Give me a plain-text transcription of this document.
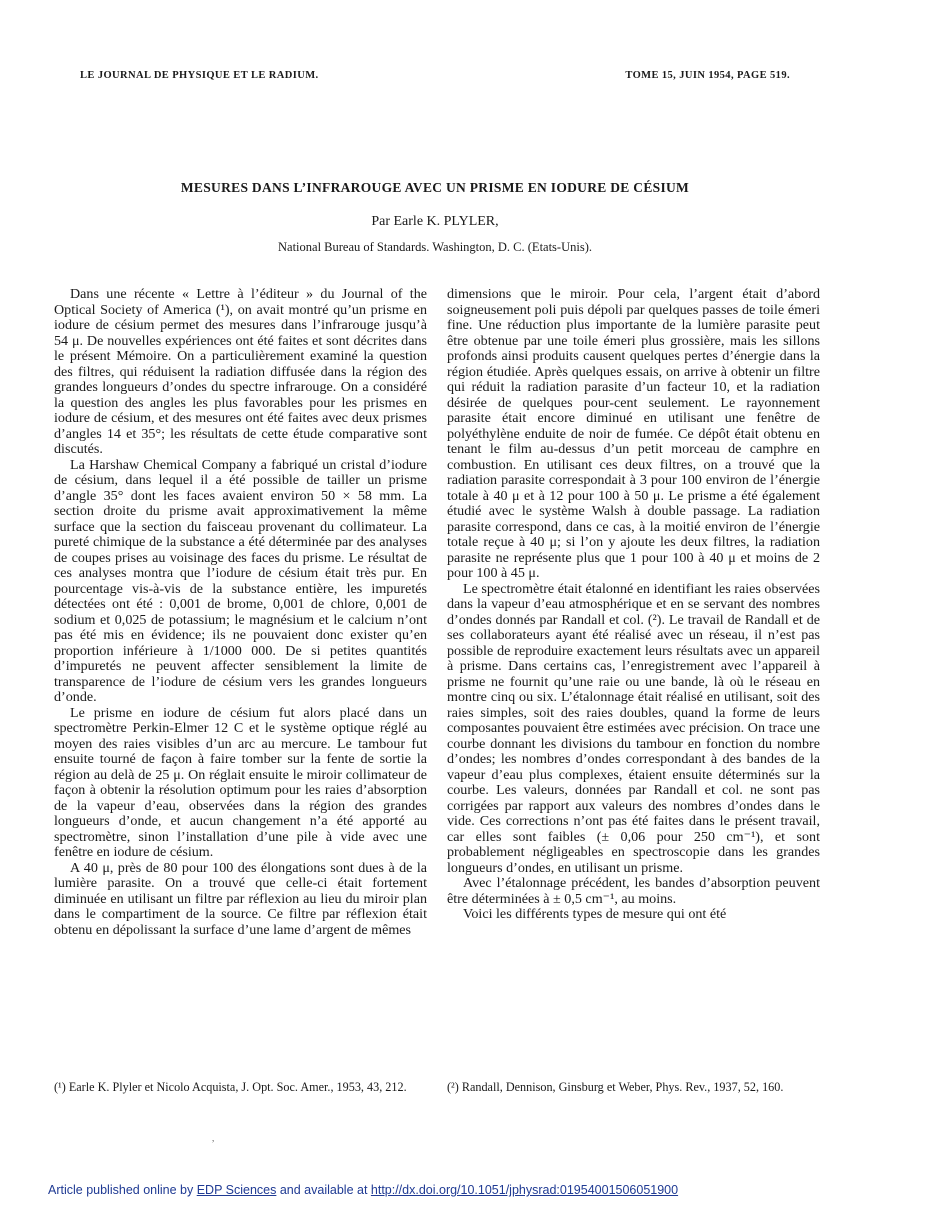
LE JOURNAL DE PHYSIQUE ET LE RADIUM.	TOME 15, JUIN 1954, PAGE 519.
MESURES DANS L’INFRAROUGE AVEC UN PRISME EN IODURE DE CÉSIUM
Par Earle K. PLYLER,
National Bureau of Standards. Washington, D. C. (Etats-Unis).

Dans une récente « Lettre à l’éditeur » du Journal of the Optical Society of America (¹), on avait montré qu’un prisme en iodure de césium permet des mesures dans l’infrarouge jusqu’à 54 μ. De nouvelles expériences ont été faites et sont décrites dans le présent Mémoire. On a particulièrement examiné la question des filtres, qui réduisent la radiation diffusée dans la région des grandes longueurs d’ondes du spectre infrarouge. On a considéré la question des angles les plus favorables pour les prismes en iodure de césium, et des mesures ont été faites avec deux prismes d’angles 14 et 35°; les résultats de cette étude comparative sont discutés.

La Harshaw Chemical Company a fabriqué un cristal d’iodure de césium, dans lequel il a été possible de tailler un prisme d’angle 35° dont les faces avaient environ 50 × 58 mm. La section droite du prisme avait approximativement la même surface que la section du faisceau provenant du collimateur. La pureté chimique de la substance a été déterminée par des analyses de coupes prises au voisinage des faces du prisme. Le résultat de ces analyses montra que l’iodure de césium était très pur. En pourcentage vis-à-vis de la substance entière, les impuretés détectées ont été : 0,001 de brome, 0,001 de chlore, 0,001 de sodium et 0,025 de potassium; le magnésium et le calcium n’ont pas été mis en évidence; ils ne pouvaient donc exister qu’en proportion inférieure à 1/1000 000. De si petites quantités d’impuretés ne peuvent affecter sensiblement la limite de transparence de l’iodure de césium vers les grandes longueurs d’onde.

Le prisme en iodure de césium fut alors placé dans un spectromètre Perkin-Elmer 12 C et le système optique réglé au moyen des raies visibles d’un arc au mercure. Le tambour fut ensuite tourné de façon à faire tomber sur la fente de sortie la région au delà de 25 μ. On réglait ensuite le miroir collimateur de façon à obtenir la résolution optimum pour les raies d’absorption de la vapeur d’eau, observées dans la région des grandes longueurs d’onde, et aucun changement n’a été apporté au spectromètre, sinon l’installation d’une pile à vide avec une fenêtre en iodure de césium.

A 40 μ, près de 80 pour 100 des élongations sont dues à de la lumière parasite. On a trouvé que celle-ci était fortement diminuée en utilisant un filtre par réflexion au lieu du miroir plan dans le compartiment de la source. Ce filtre par réflexion était obtenu en dépolissant la surface d’une lame d’argent de mêmes

dimensions que le miroir. Pour cela, l’argent était d’abord soigneusement poli puis dépoli par quelques passes de toile émeri fine. Une réduction plus importante de la lumière parasite peut être obtenue par une toile émeri plus grossière, mais les sillons profonds ainsi produits causent quelques pertes d’énergie dans la région étudiée. Après quelques essais, on arrive à obtenir un filtre qui réduit la radiation parasite d’un facteur 10, et la radiation désirée de quelques pour-cent seulement. Le rayonnement parasite était encore diminué en utilisant une fenêtre de polyéthylène enduite de noir de fumée. Ce dépôt était obtenu en tenant le film au-dessus d’un petit morceau de camphre en combustion. En utilisant ces deux filtres, on a trouvé que la radiation parasite correspondait à 3 pour 100 environ de l’énergie totale à 40 μ et à 12 pour 100 à 50 μ. Le prisme a été également étudié avec le système Walsh à double passage. La radiation parasite correspond, dans ce cas, à la moitié environ de l’énergie totale reçue à 40 μ; si l’on y ajoute les deux filtres, la radiation parasite ne représente plus que 1 pour 100 à 40 μ et moins de 2 pour 100 à 45 μ.

Le spectromètre était étalonné en identifiant les raies observées dans la vapeur d’eau atmosphérique et en se servant des nombres d’ondes donnés par Randall et col. (²). Le travail de Randall et de ses collaborateurs ayant été réalisé avec un réseau, il n’est pas possible de reproduire exactement leurs résultats avec un appareil à prisme. Dans certains cas, l’enregistrement avec l’appareil à prisme ne fournit qu’une raie ou une bande, là où le réseau en montre cinq ou six. L’étalonnage était réalisé en utilisant, soit des raies simples, soit des raies doubles, quand la forme de leurs composantes pouvaient être estimées avec précision. On trace une courbe donnant les divisions du tambour en fonction du nombre d’ondes; les nombres d’ondes correspondant à des bandes de la vapeur d’eau plus complexes, étaient ensuite déterminés sur la courbe. Les valeurs, données par Randall et col. ne sont pas corrigées par rapport aux valeurs des nombres d’ondes dans le vide. Ces corrections n’ont pas été faites dans le présent travail, car elles sont faibles (± 0,06 pour 250 cm⁻¹), et sont probablement négligeables en spectroscopie dans les grandes longueurs d’ondes, en utilisant un prisme.

Avec l’étalonnage précédent, les bandes d’absorption peuvent être déterminées à ± 0,5 cm⁻¹, au moins.

Voici les différents types de mesure qui ont été

(¹) Earle K. Plyler et Nicolo Acquista, J. Opt. Soc. Amer., 1953, 43, 212.	(²) Randall, Dennison, Ginsburg et Weber, Phys. Rev., 1937, 52, 160.
,
Article published online by EDP Sciences and available at http://dx.doi.org/10.1051/jphysrad:01954001506051900
